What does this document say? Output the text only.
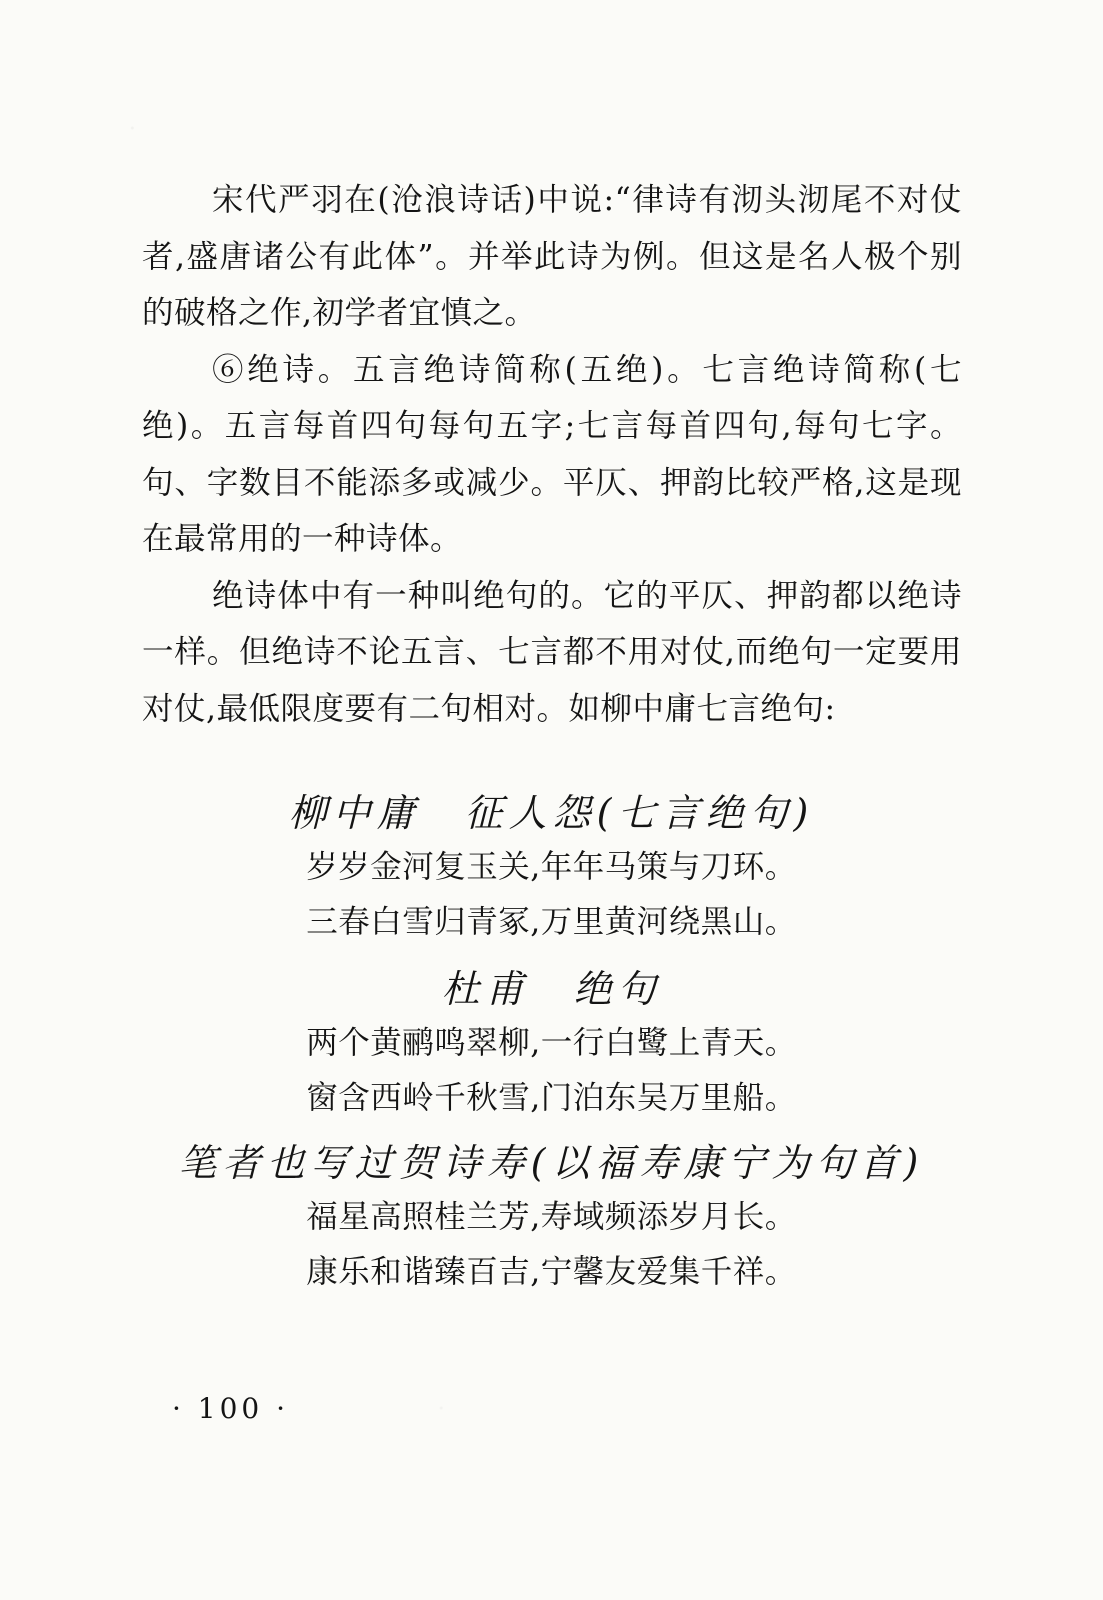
宋代严羽在(沧浪诗话)中说:“律诗有沏头沏尾不对仗者,盛唐诸公有此体”。并举此诗为例。但这是名人极个别的破格之作,初学者宜慎之。

⑥绝诗。五言绝诗简称(五绝)。七言绝诗简称(七绝)。五言每首四句每句五字;七言每首四句,每句七字。句、字数目不能添多或减少。平仄、押韵比较严格,这是现在最常用的一种诗体。

绝诗体中有一种叫绝句的。它的平仄、押韵都以绝诗一样。但绝诗不论五言、七言都不用对仗,而绝句一定要用对仗,最低限度要有二句相对。如柳中庸七言绝句:

柳中庸　征人怨(七言绝句)

岁岁金河复玉关,年年马策与刀环。

三春白雪归青冢,万里黄河绕黑山。

杜甫　绝句

两个黄鹂鸣翠柳,一行白鹭上青天。

窗含西岭千秋雪,门泊东吴万里船。

笔者也写过贺诗寿(以福寿康宁为句首)

福星高照桂兰芳,寿域频添岁月长。

康乐和谐臻百吉,宁馨友爱集千祥。

· 100 ·
